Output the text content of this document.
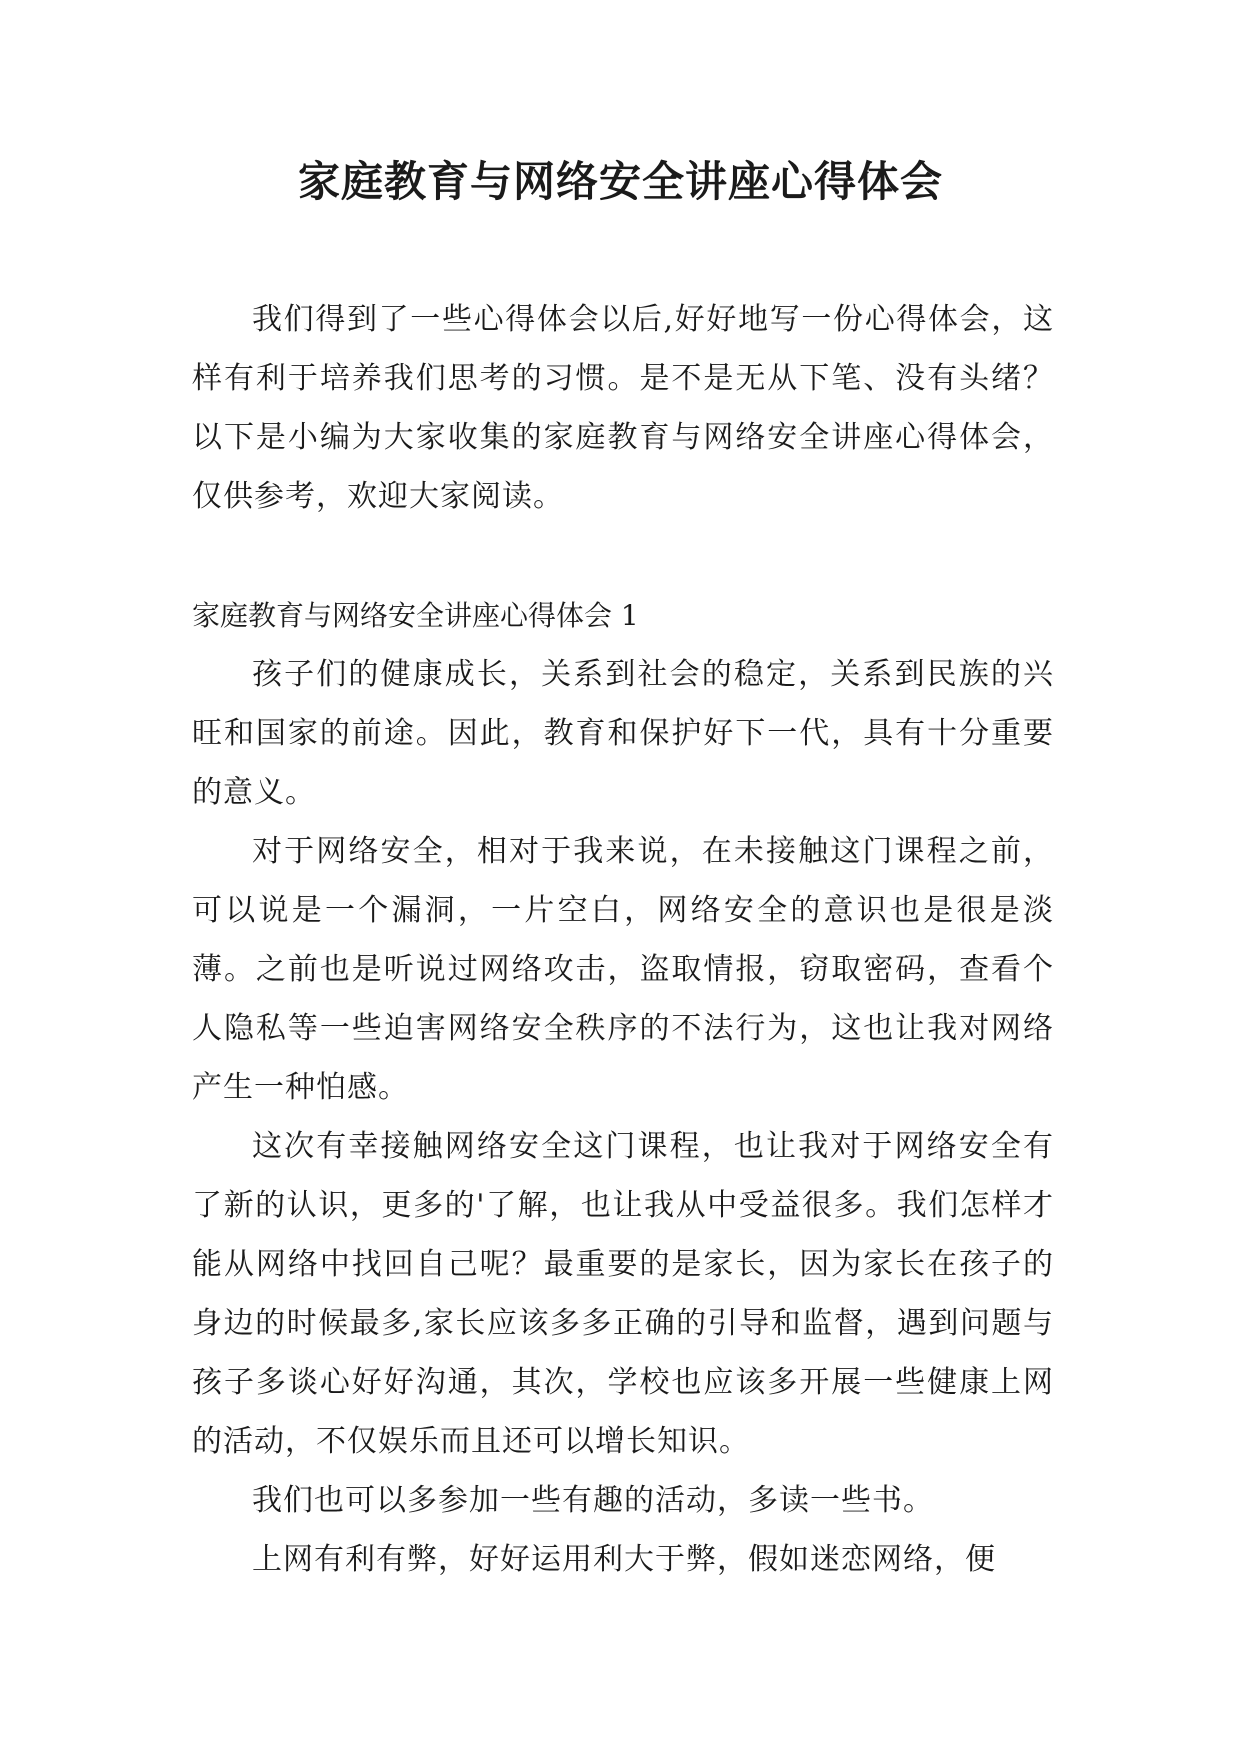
家庭教育与网络安全讲座心得体会

我们得到了一些心得体会以后,好好地写一份心得体会，这样有利于培养我们思考的习惯。是不是无从下笔、没有头绪？以下是小编为大家收集的家庭教育与网络安全讲座心得体会，仅供参考，欢迎大家阅读。

家庭教育与网络安全讲座心得体会 1

孩子们的健康成长，关系到社会的稳定，关系到民族的兴旺和国家的前途。因此，教育和保护好下一代，具有十分重要的意义。

对于网络安全，相对于我来说，在未接触这门课程之前，可以说是一个漏洞，一片空白，网络安全的意识也是很是淡薄。之前也是听说过网络攻击，盗取情报，窃取密码，查看个人隐私等一些迫害网络安全秩序的不法行为，这也让我对网络产生一种怕感。

这次有幸接触网络安全这门课程，也让我对于网络安全有了新的认识，更多的'了解，也让我从中受益很多。我们怎样才能从网络中找回自己呢？最重要的是家长，因为家长在孩子的身边的时候最多,家长应该多多正确的引导和监督，遇到问题与孩子多谈心好好沟通，其次，学校也应该多开展一些健康上网的活动，不仅娱乐而且还可以增长知识。

我们也可以多参加一些有趣的活动，多读一些书。

上网有利有弊，好好运用利大于弊，假如迷恋网络，便
